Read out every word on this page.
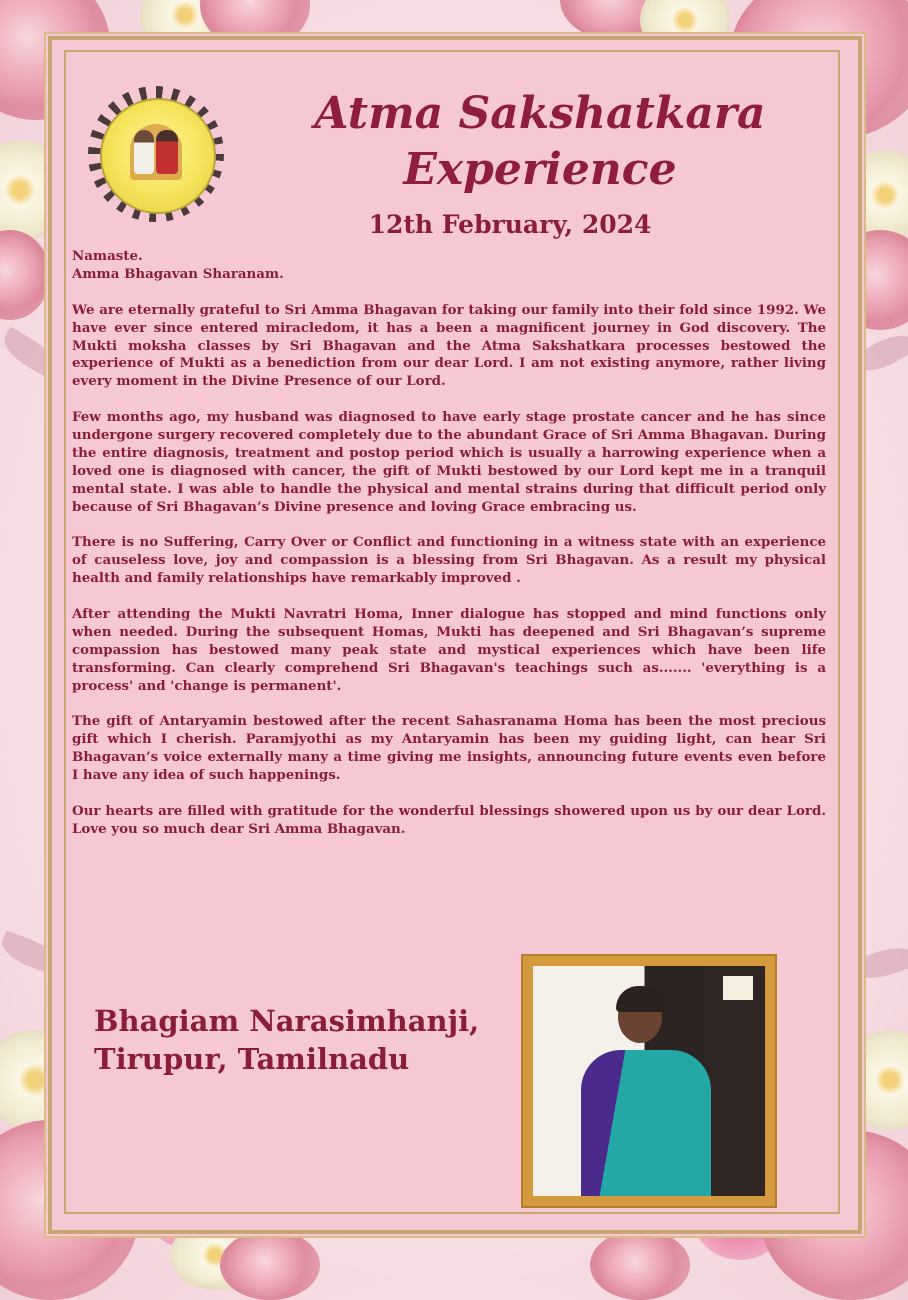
Atma Sakshatkara
Experience
12th February, 2024

Namaste.

Amma Bhagavan Sharanam.

We are eternally grateful to Sri Amma Bhagavan for taking our family into their fold since 1992. We have ever since entered miracledom, it has a been a magnificent journey in God discovery. The Mukti moksha classes by Sri Bhagavan and the Atma Sakshatkara processes bestowed the experience of Mukti as a benediction from our dear Lord. I am not existing anymore, rather living every moment in the Divine Presence of our Lord.

Few months ago, my husband was diagnosed to have early stage prostate cancer and he has since undergone surgery recovered completely due to the abundant Grace of Sri Amma Bhagavan. During the entire diagnosis, treatment and postop period which is usually a harrowing experience when a loved one is diagnosed with cancer, the gift of Mukti bestowed by our Lord kept me in a tranquil mental state. I was able to handle the physical and mental strains during that difficult period only because of Sri Bhagavan’s Divine presence and loving Grace embracing us.

There is no Suffering, Carry Over or Conflict and functioning in a witness state with an experience of causeless love, joy and compassion is a blessing from Sri Bhagavan. As a result my physical health and family relationships have remarkably improved .

After attending the Mukti Navratri Homa, Inner dialogue has stopped and mind functions only when needed. During the subsequent Homas, Mukti has deepened and Sri Bhagavan’s supreme compassion has bestowed many peak state and mystical experiences which have been life transforming. Can clearly comprehend Sri Bhagavan's teachings such as....... 'everything is a process' and 'change is permanent'.

The gift of Antaryamin bestowed after the recent Sahasranama Homa has been the most precious gift which I cherish. Paramjyothi as my Antaryamin has been my guiding light, can hear Sri Bhagavan’s voice externally many a time giving me insights, announcing future events even before I have any idea of such happenings.

Our hearts are filled with gratitude for the wonderful blessings showered upon us by our dear Lord. Love you so much dear Sri Amma Bhagavan.

Bhagiam Narasimhanji,
Tirupur, Tamilnadu
